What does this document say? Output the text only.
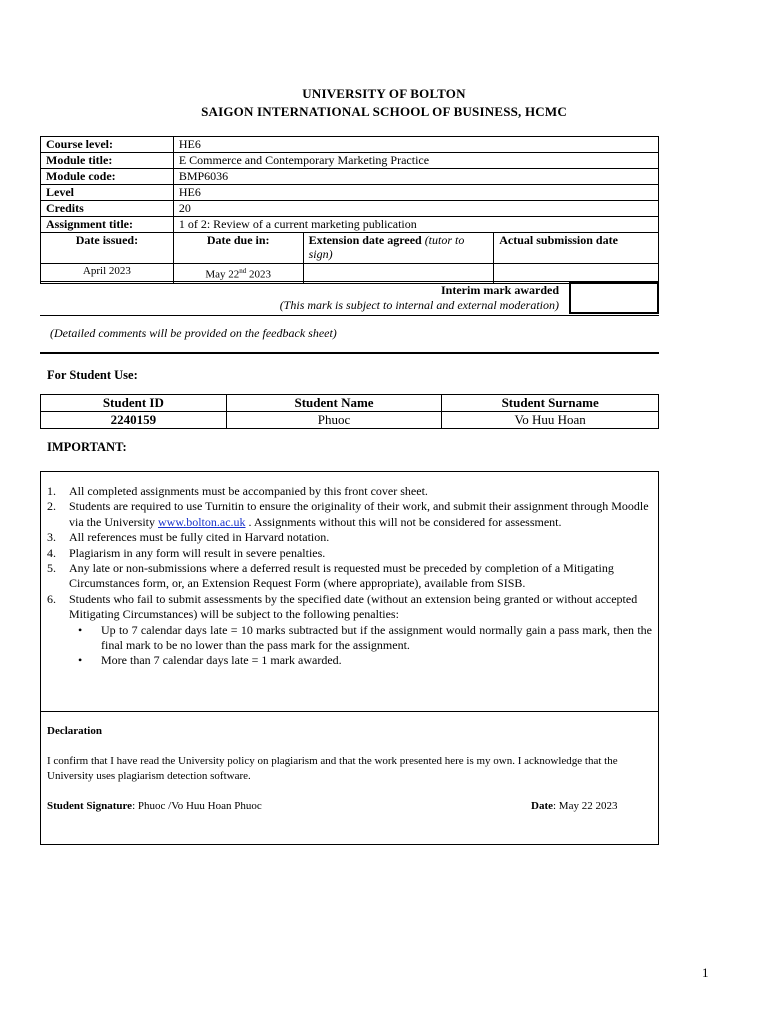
UNIVERSITY OF BOLTON
SAIGON INTERNATIONAL SCHOOL OF BUSINESS, HCMC
Course level:	HE6		
Module title:	E Commerce and Contemporary Marketing Practice		
Module code:	BMP6036		
Level	HE6		
Credits	20		
Assignment title:	1 of 2: Review of a current marketing publication		
Date issued:	Date due in:	Extension date agreed (tutor to sign)	Actual submission date
April 2023	May 22nd 2023		
Interim mark awarded
(This mark is subject to internal and external moderation)
(Detailed comments will be provided on the feedback sheet)
For Student Use:
Student ID	Student Name	Student Surname
2240159	Phuoc	Vo Huu Hoan
IMPORTANT:
1. All completed assignments must be accompanied by this front cover sheet.
2. Students are required to use Turnitin to ensure the originality of their work, and submit their assignment through Moodle via the University www.bolton.ac.uk . Assignments without this will not be considered for assessment.
3. All references must be fully cited in Harvard notation.
4. Plagiarism in any form will result in severe penalties.
5. Any late or non-submissions where a deferred result is requested must be preceded by completion of a Mitigating Circumstances form, or, an Extension Request Form (where appropriate), available from SISB.
6. Students who fail to submit assessments by the specified date (without an extension being granted or without accepted Mitigating Circumstances) will be subject to the following penalties:
• Up to 7 calendar days late = 10 marks subtracted but if the assignment would normally gain a pass mark, then the final mark to be no lower than the pass mark for the assignment.
• More than 7 calendar days late = 1 mark awarded.
Declaration
I confirm that I have read the University policy on plagiarism and that the work presented here is my own. I acknowledge that the University uses plagiarism detection software.
Student Signature: Phuoc /Vo Huu Hoan Phuoc	Date: May 22 2023
1
